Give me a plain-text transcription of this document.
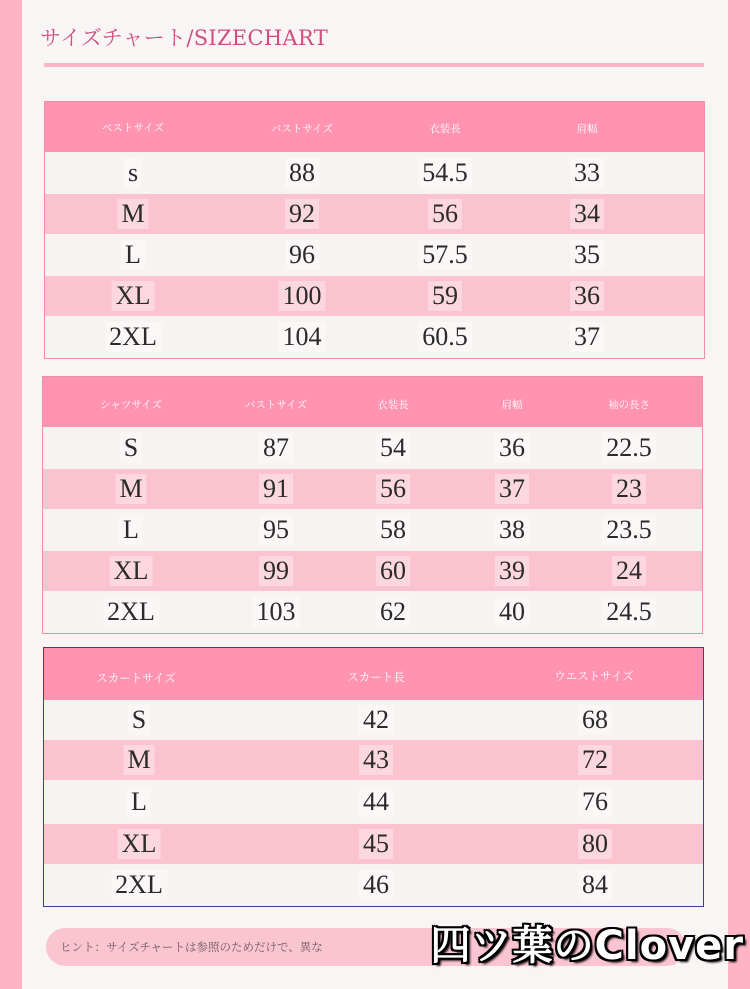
サイズチャート/SIZECHART
ベストサイズ	バストサイズ	衣装長	肩幅
s	88	54.5	33
M	92	56	34
L	96	57.5	35
XL	100	59	36
2XL	104	60.5	37
シャツサイズ	バストサイズ	衣装長	肩幅	袖の長さ
S	87	54	36	22.5
M	91	56	37	23
L	95	58	38	23.5
XL	99	60	39	24
2XL	103	62	40	24.5
スカートサイズ	スカート長	ウエストサイズ
S	42	68
M	43	72
L	44	76
XL	45	80
2XL	46	84
ヒント：サイズチャートは参照のためだけで、異な	四ツ葉のClover
